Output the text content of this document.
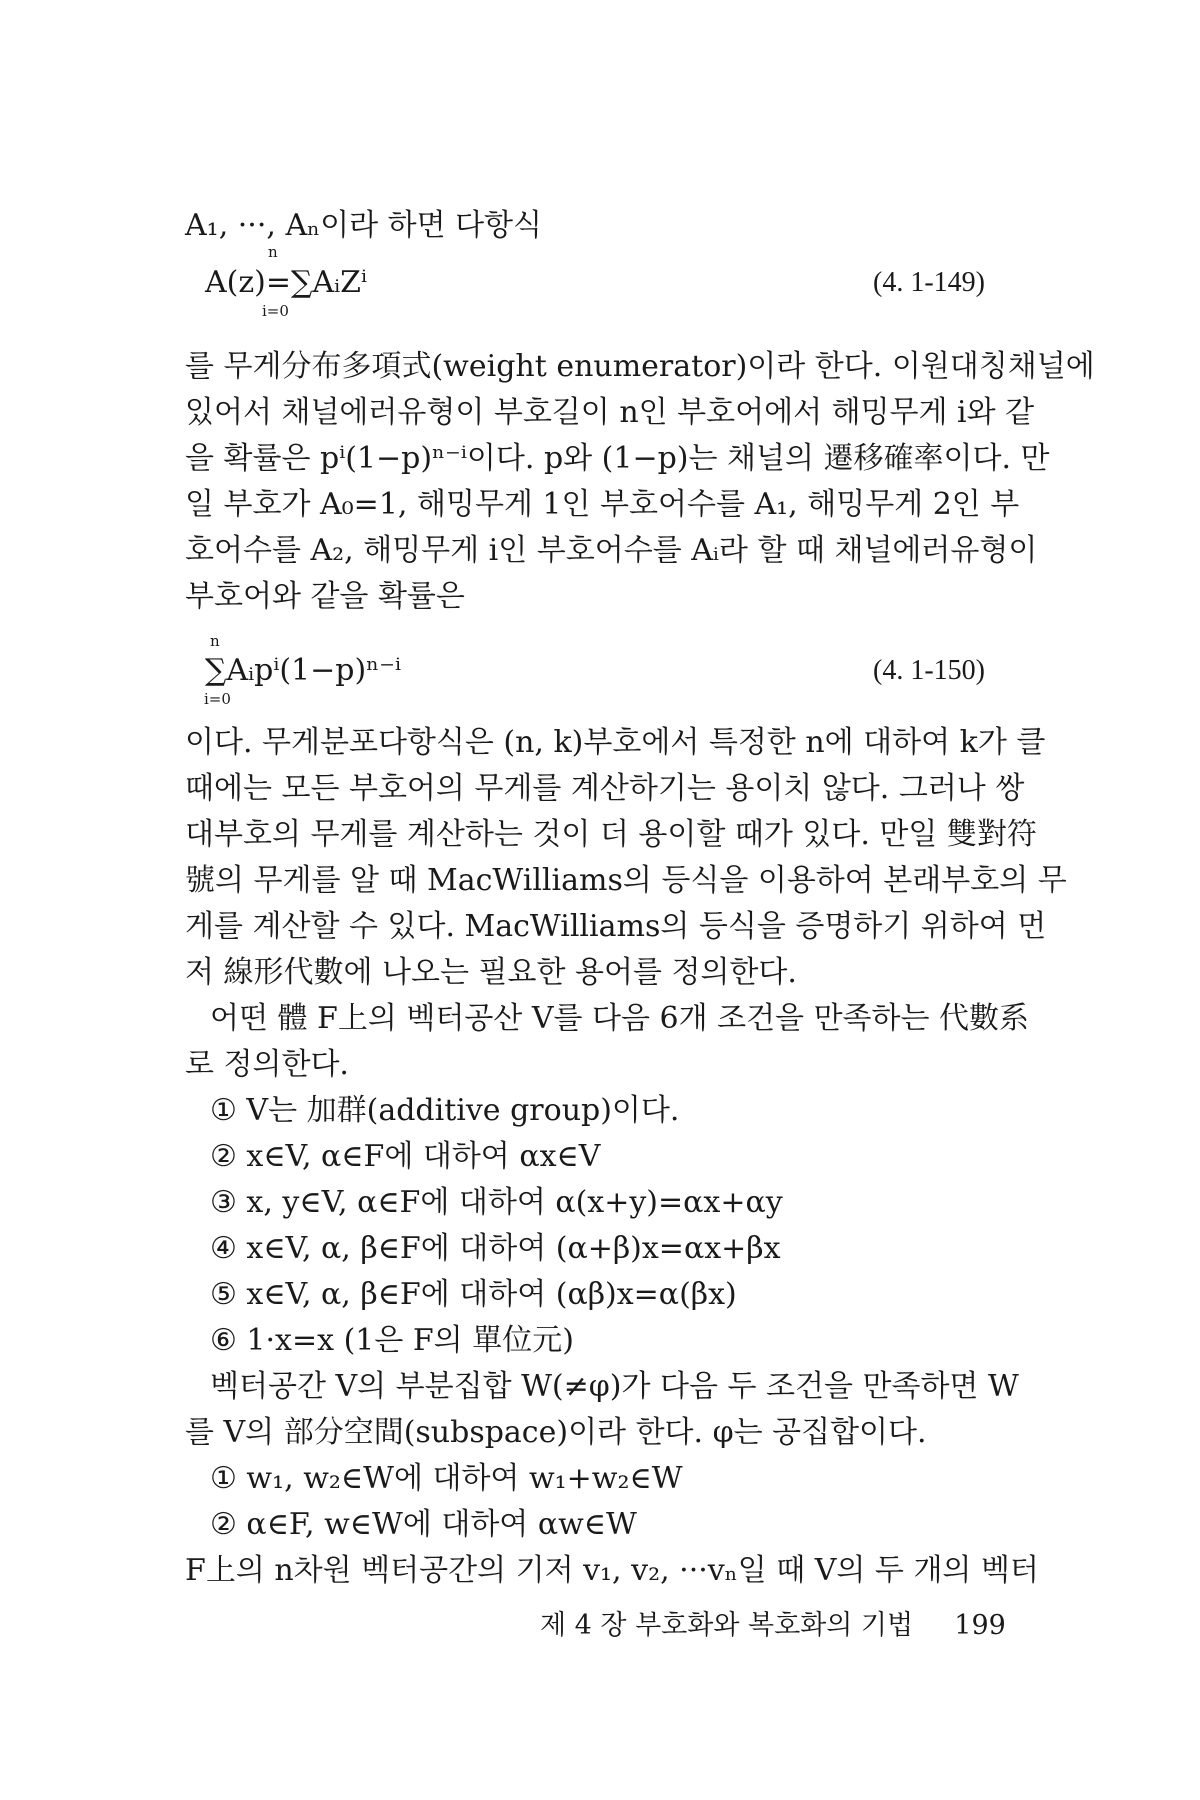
A₁, ···, Aₙ이라 하면 다항식
A(z)=∑AᵢZⁱ
n
i=0
(4. 1-149)
를 무게分布多項式(weight enumerator)이라 한다. 이원대칭채널에
있어서 채널에러유형이 부호길이 n인 부호어에서 해밍무게 i와 같
을 확률은 pⁱ(1−p)ⁿ⁻ⁱ이다. p와 (1−p)는 채널의 遷移確率이다. 만
일 부호가 A₀=1, 해밍무게 1인 부호어수를 A₁, 해밍무게 2인 부
호어수를 A₂, 해밍무게 i인 부호어수를 Aᵢ라 할 때 채널에러유형이
부호어와 같을 확률은
∑Aᵢpⁱ(1−p)ⁿ⁻ⁱ
n
i=0
(4. 1-150)
이다. 무게분포다항식은 (n, k)부호에서 특정한 n에 대하여 k가 클
때에는 모든 부호어의 무게를 계산하기는 용이치 않다. 그러나 쌍
대부호의 무게를 계산하는 것이 더 용이할 때가 있다. 만일 雙對符
號의 무게를 알 때 MacWilliams의 등식을 이용하여 본래부호의 무
게를 계산할 수 있다. MacWilliams의 등식을 증명하기 위하여 먼
저 線形代數에 나오는 필요한 용어를 정의한다.
어떤 體 F上의 벡터공산 V를 다음 6개 조건을 만족하는 代數系
로 정의한다.
① V는 加群(additive group)이다.
② x∈V, α∈F에 대하여 αx∈V
③ x, y∈V, α∈F에 대하여 α(x+y)=αx+αy
④ x∈V, α, β∈F에 대하여 (α+β)x=αx+βx
⑤ x∈V, α, β∈F에 대하여 (αβ)x=α(βx)
⑥ 1·x=x (1은 F의 單位元)
벡터공간 V의 부분집합 W(≠φ)가 다음 두 조건을 만족하면 W
를 V의 部分空間(subspace)이라 한다. φ는 공집합이다.
① w₁, w₂∈W에 대하여 w₁+w₂∈W
② α∈F, w∈W에 대하여 αw∈W
F上의 n차원 벡터공간의 기저 v₁, v₂, ···vₙ일 때 V의 두 개의 벡터
제 4 장 부호화와 복호화의 기법 199
